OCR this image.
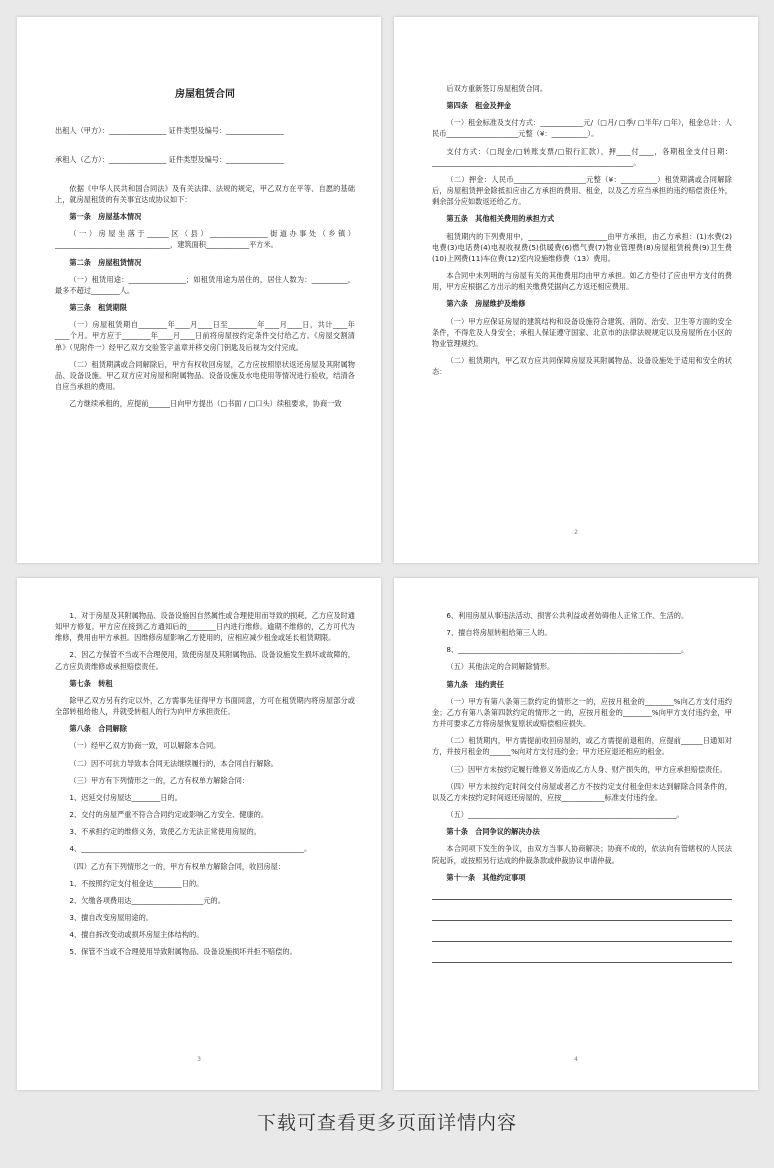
房屋租赁合同
出租人（甲方）：________________ 证件类型及编号：________________
承租人（乙方）：________________ 证件类型及编号：________________
依据《中华人民共和国合同法》及有关法律、法规的规定，甲乙双方在平等、自愿的基础上，就房屋租赁的有关事宜达成协议如下：
第一条　房屋基本情况
（一）房屋坐落于______区（县）________________街道办事处（乡镇）________________________________，建筑面积____________平方米。
第二条　房屋租赁情况
（一）租赁用途：________________；如租赁用途为居住的，居住人数为：__________，最多不超过________人。
第三条　租赁期限
（一）房屋租赁期自________年____月____日至________年____月____日，共计____年____个月。甲方应于________年____月____日前将房屋按约定条件交付给乙方。《房屋交割清单》（见附件一）经甲乙双方交验签字盖章并移交房门钥匙及后视为交付完成。
（二）租赁期满或合同解除后，甲方有权收回房屋，乙方应按照原状返还房屋及其附属物品、设备设施。甲乙双方应对房屋和附属物品、设备设施及水电使用等情况进行验收，结清各自应当承担的费用。
乙方继续承租的，应提前______日向甲方提出（□书面 / □口头）续租要求，协商一致
后双方重新签订房屋租赁合同。
第四条　租金及押金
（一）租金标准及支付方式：____________元/（□月/ □季/ □半年/ □年），租金总计：人民币____________________元整（¥：__________）。
支付方式：（□现金/□转账支票/□银行汇款），押____付____，各期租金支付日期：________________________________________________________。
（二）押金：人民币____________________元整（¥：__________）租赁期满或合同解除后，房屋租赁押金除抵扣应由乙方承担的费用、租金，以及乙方应当承担的违约赔偿责任外，剩余部分应如数返还给乙方。
第五条　其他相关费用的承担方式
租赁期内的下列费用中，______________________由甲方承担，由乙方承担：(1)水费(2)电费(3)电话费(4)电视收视费(5)供暖费(6)燃气费(7)物业管理费(8)房屋租赁税费(9)卫生费(10)上网费(11)车位费(12)室内设施维修费（13）费用。
本合同中未列明的与房屋有关的其他费用均由甲方承担。如乙方垫付了应由甲方支付的费用，甲方应根据乙方出示的相关缴费凭据向乙方返还相应费用。
第六条　房屋维护及维修
（一）甲方应保证房屋的建筑结构和设备设施符合建筑、消防、治安、卫生等方面的安全条件，不得危及人身安全；承租人保证遵守国家、北京市的法律法规规定以及房屋所在小区的物业管理规约。
（二）租赁期内，甲乙双方应共同保障房屋及其附属物品、设备设施处于适用和安全的状态：
2
1、对于房屋及其附属物品、设备设施因自然属性或合理使用而导致的损耗，乙方应及时通知甲方修复。甲方应在接到乙方通知后的________日内进行维修。逾期不维修的，乙方可代为维修，费用由甲方承担。因维修房屋影响乙方使用的，应相应减少租金或延长租赁期限。
2、因乙方保管不当或不合理使用，致使房屋及其附属物品、设备设施发生损坏或故障的，乙方应负责维修或承担赔偿责任。
第七条　转租
除甲乙双方另有约定以外，乙方需事先征得甲方书面同意，方可在租赁期内将房屋部分或全部转租给他人，并就受转租人的行为向甲方承担责任。
第八条　合同解除
（一）经甲乙双方协商一致，可以解除本合同。
（二）因不可抗力导致本合同无法继续履行的，本合同自行解除。
（三）甲方有下列情形之一的，乙方有权单方解除合同：
1、迟延交付房屋达________日的。
2、交付的房屋严重不符合合同约定或影响乙方安全、健康的。
3、不承担约定的维修义务，致使乙方无法正常使用房屋的。
4、______________________________________________________________。
（四）乙方有下列情形之一的，甲方有权单方解除合同，收回房屋：
1、不按照约定支付租金达________日的。
2、欠缴各项费用达____________________元的。
3、擅自改变房屋用途的。
4、擅自拆改变动或损坏房屋主体结构的。
5、保管不当或不合理使用导致附属物品、设备设施损坏并拒不赔偿的。
3
6、利用房屋从事违法活动、损害公共利益或者妨碍他人正常工作、生活的。
7、擅自将房屋转租给第三人的。
8、______________________________________________________________。
（五）其他法定的合同解除情形。
第九条　违约责任
（一）甲方有第八条第三款约定的情形之一的，应按月租金的________%向乙方支付违约金；乙方有第八条第四款约定的情形之一的，应按月租金的________%向甲方支付违约金，甲方并可要求乙方将房屋恢复原状或赔偿相应损失。
（二）租赁期内，甲方需提前收回房屋的，或乙方需提前退租的，应提前______日通知对方，并按月租金的______%向对方支付违约金；甲方还应退还相应的租金。
（三）因甲方未按约定履行维修义务造成乙方人身、财产损失的，甲方应承担赔偿责任。
（四）甲方未按约定时间交付房屋或者乙方不按约定支付租金但未达到解除合同条件的，以及乙方未按约定时间返还房屋的，应按____________标准支付违约金。
（五）__________________________________________________________。
第十条　合同争议的解决办法
本合同项下发生的争议，由双方当事人协商解决；协商不成的，依法向有管辖权的人民法院起诉，或按照另行达成的仲裁条款或仲裁协议申请仲裁。
第十一条　其他约定事项
4
下载可查看更多页面详情内容
